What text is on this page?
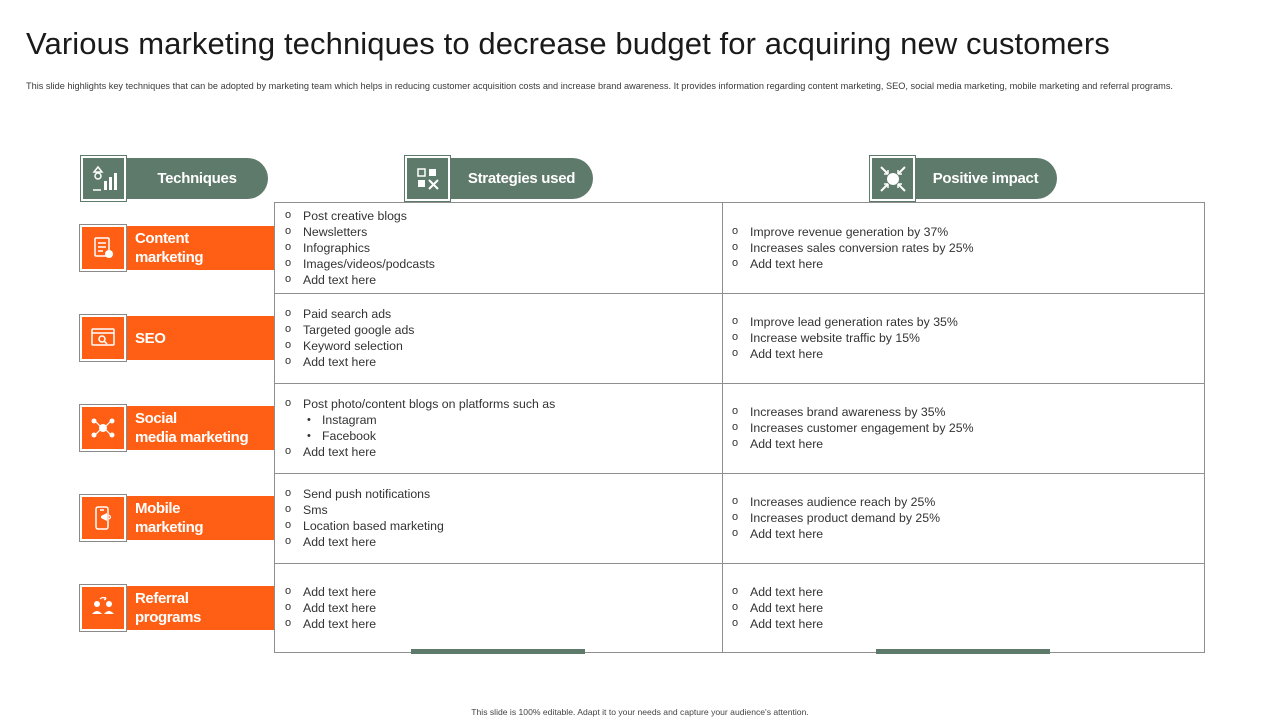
Various marketing techniques to decrease budget for acquiring new customers
This slide highlights key techniques that can be adopted by marketing team which helps in reducing customer acquisition costs and increase brand awareness. It provides information regarding content marketing, SEO, social media marketing, mobile marketing and referral programs.
Techniques	Strategies used	Positive impact
Content
marketing
SEO
Social
media marketing
Mobile
marketing
Referral
programs
o Post creative blogs
o Newsletters
o Infographics
o Images/videos/podcasts
o Add text here
o Improve revenue generation by 37%
o Increases sales conversion rates by 25%
o Add text here
o Paid search ads
o Targeted google ads
o Keyword selection
o Add text here
o Improve lead generation rates by 35%
o Increase website traffic by 15%
o Add text here
o Post photo/content blogs on platforms such as
• Instagram
• Facebook
o Add text here
o Increases brand awareness by 35%
o Increases customer engagement by 25%
o Add text here
o Send push notifications
o Sms
o Location based marketing
o Add text here
o Increases audience reach by 25%
o Increases product demand by 25%
o Add text here
o Add text here
o Add text here
o Add text here
o Add text here
o Add text here
o Add text here
This slide is 100% editable. Adapt it to your needs and capture your audience's attention.
